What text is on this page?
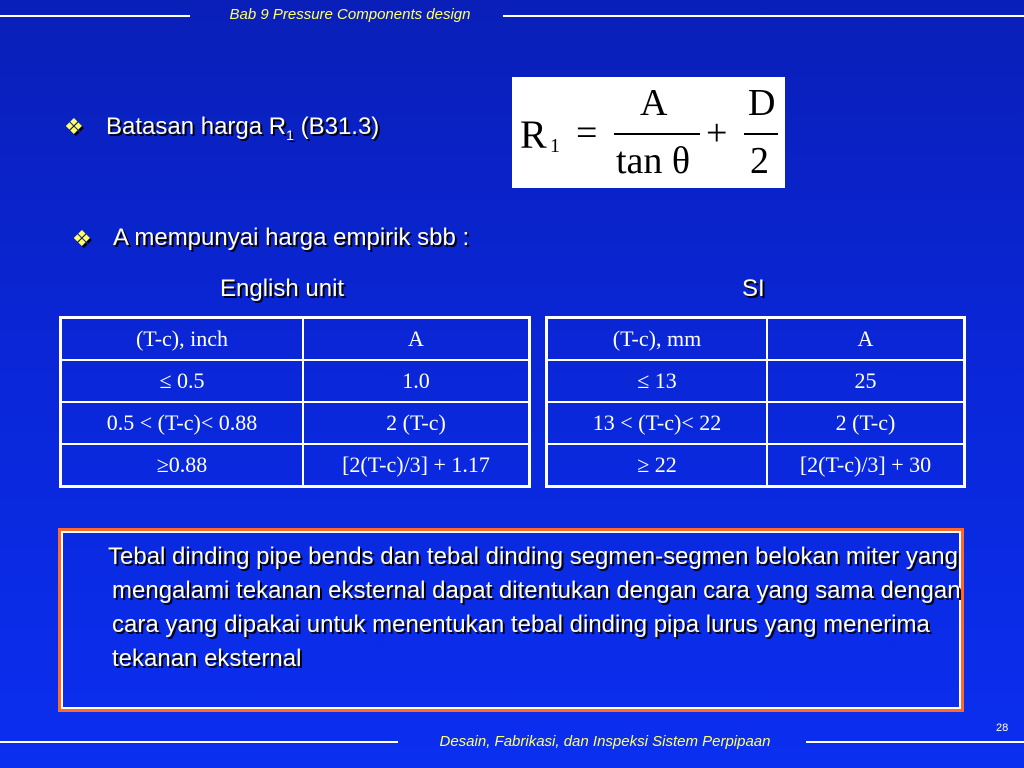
Bab 9 Pressure Components design
❖ Batasan harga $R_1$ (B31.3)	R 1 =
A
tan θ
+
D
2
❖ A mempunyai harga empirik sbb :
English unit	SI
(T-c), inch	A
≤ 0.5	1.0
0.5 < (T-c)< 0.88	2 (T-c)
≥0.88	[2(T-c)/3] + 1.17
(T-c), mm	A
≤ 13	25
13 < (T-c)< 22	2 (T-c)
≥ 22	[2(T-c)/3] + 30
Tebal dinding pipe bends dan tebal dinding segmen-segmen belokan miter yang mengalami tekanan eksternal dapat ditentukan dengan cara yang sama dengan cara yang dipakai untuk menentukan tebal dinding pipa lurus yang menerima tekanan eksternal
28
Desain, Fabrikasi, dan Inspeksi Sistem Perpipaan
